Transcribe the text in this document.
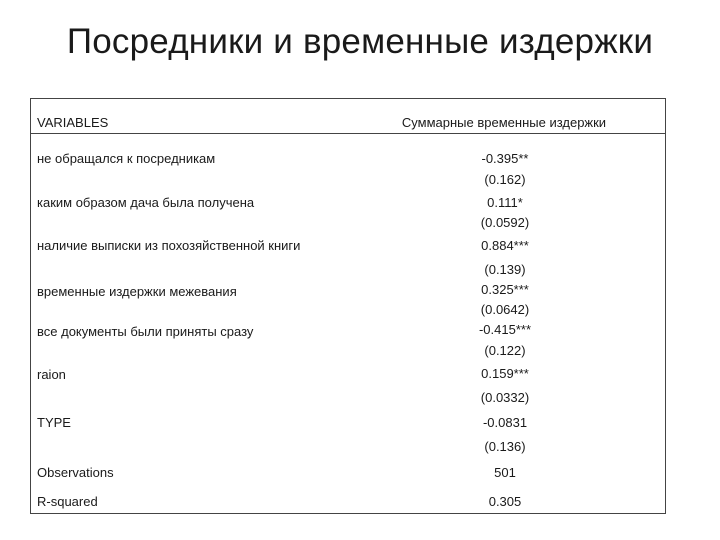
Посредники и временные издержки
VARIABLES	Суммарные временные издержки
не обращался к посредникам
каким образом дача была получена
наличие выписки из похозяйственной книги
временные издержки межевания
все документы были приняты сразу
raion
TYPE
Observations
R-squared
-0.395**
(0.162)
0.111*
(0.0592)
0.884***
(0.139)
0.325***
(0.0642)
-0.415***
(0.122)
0.159***
(0.0332)
-0.0831
(0.136)
501
0.305
